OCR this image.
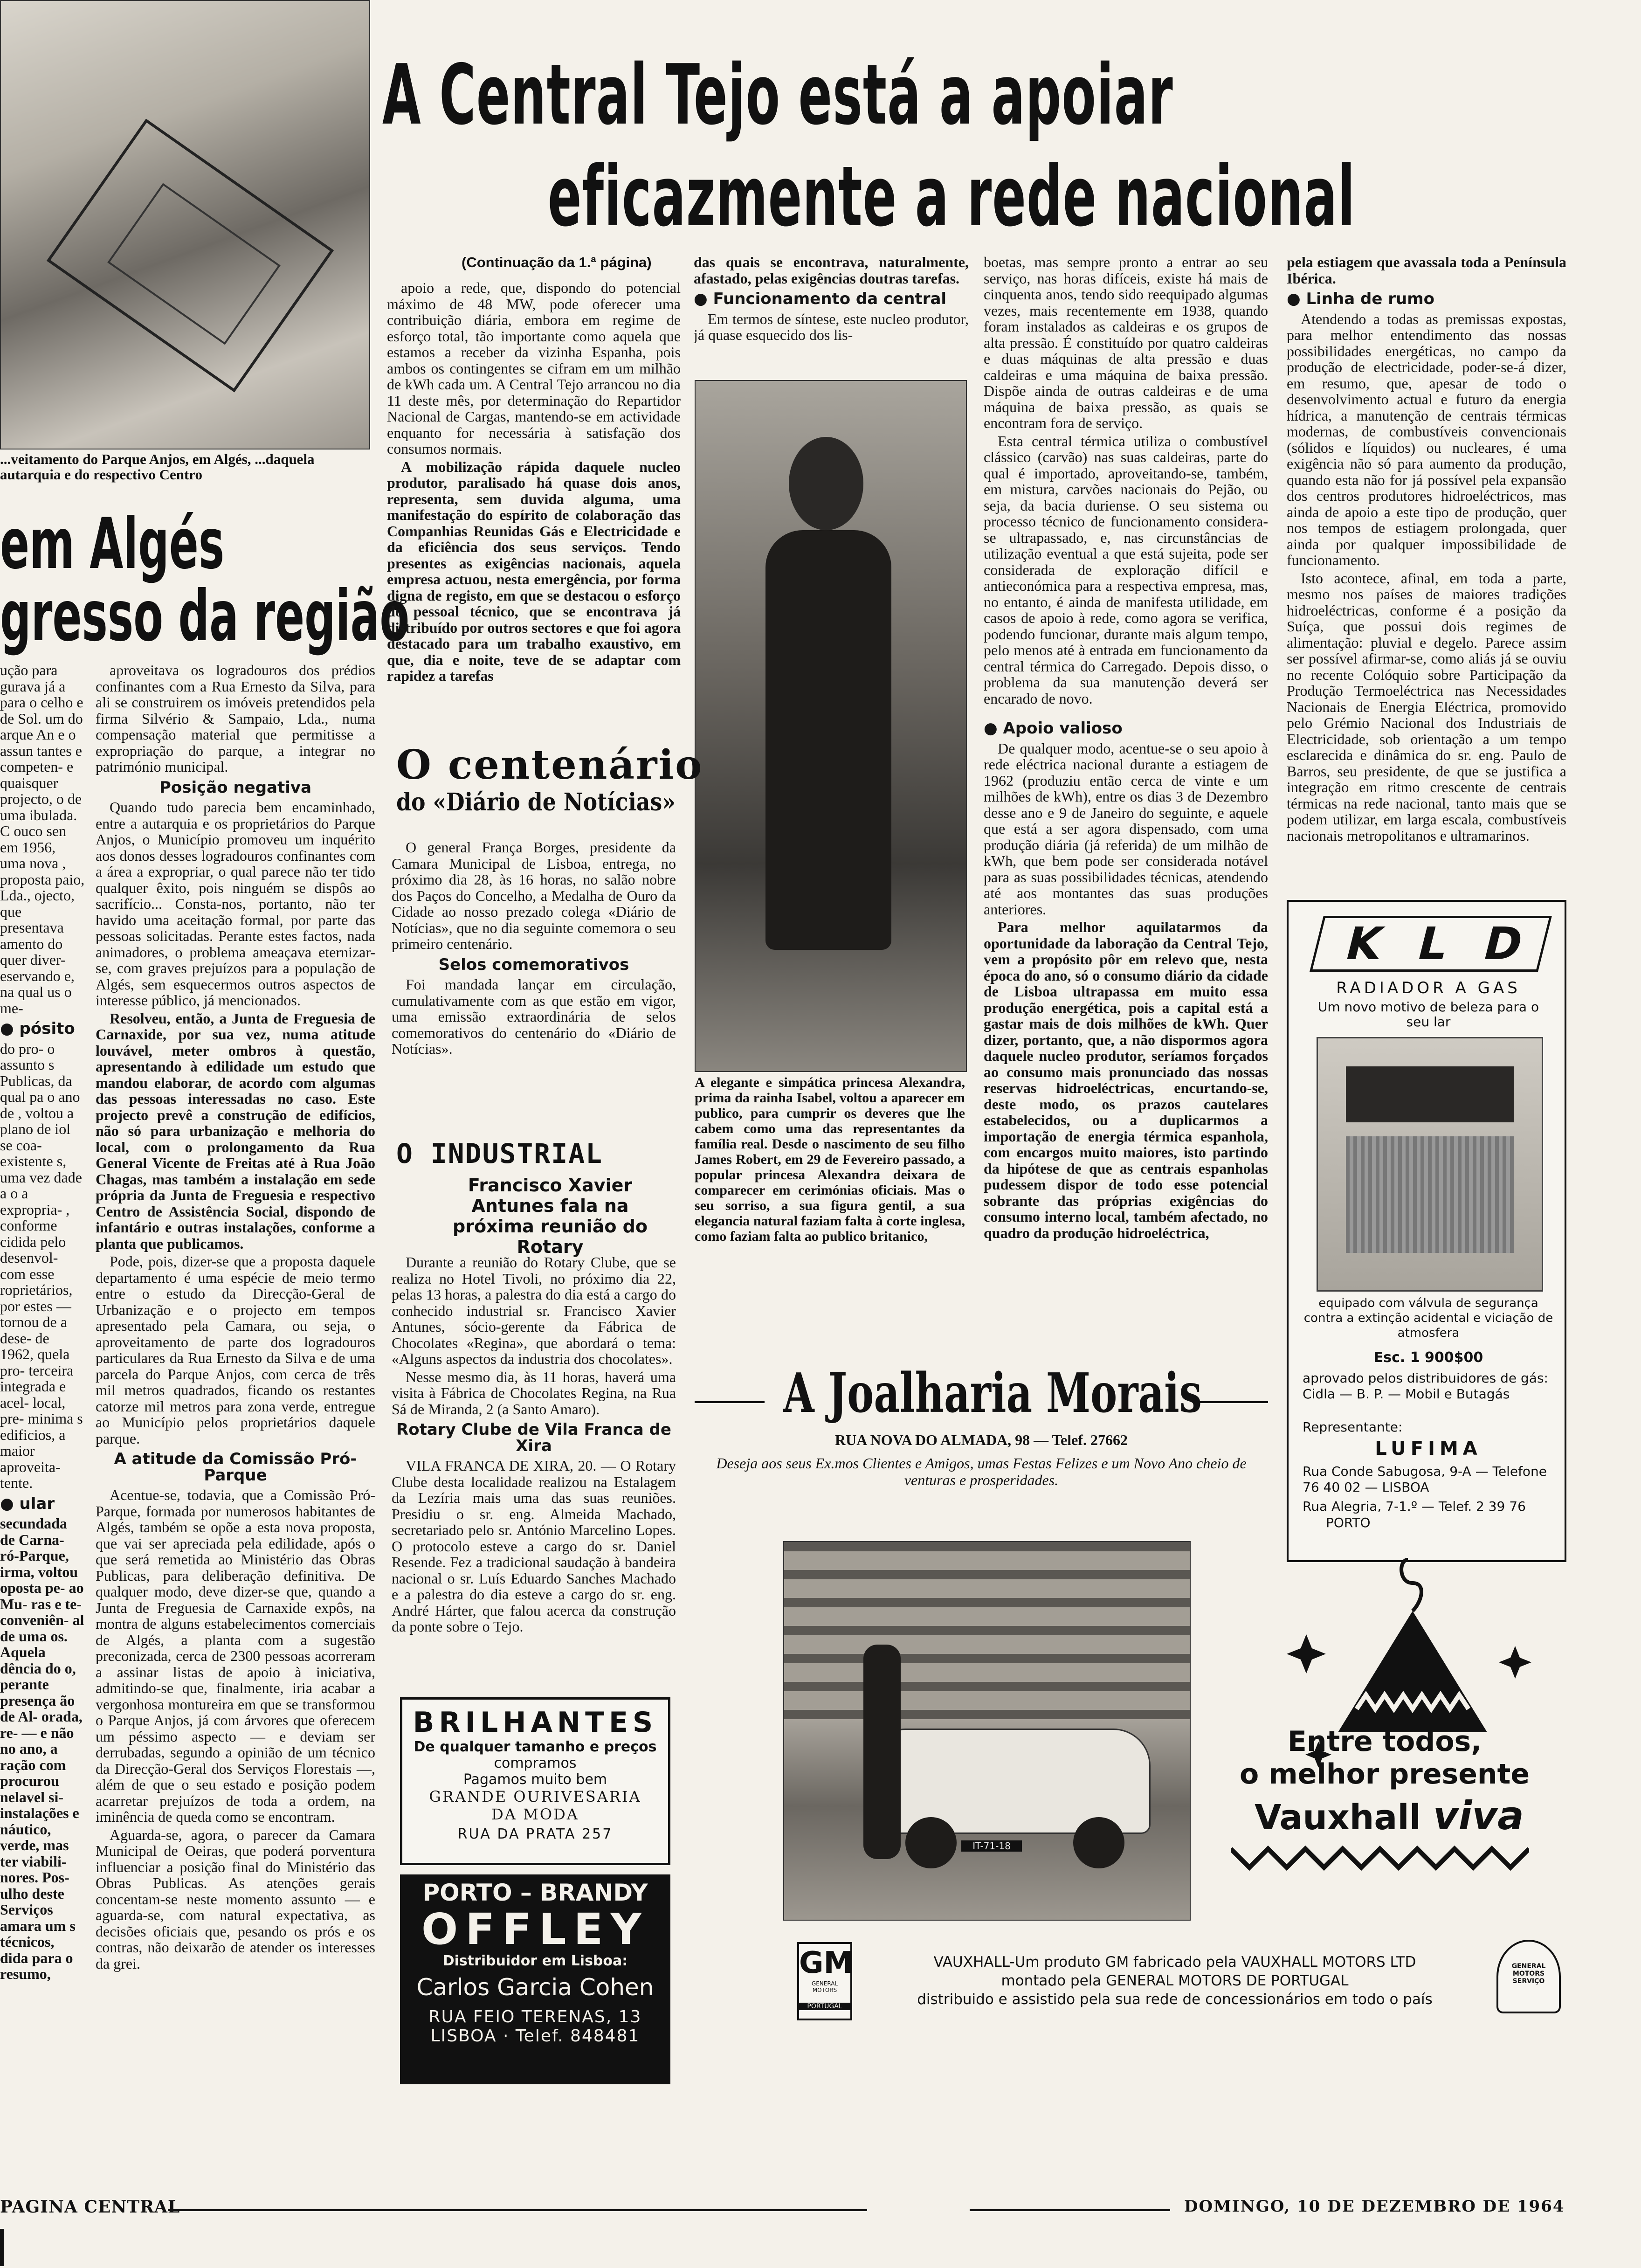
A Central Tejo está a apoiar
eficazmente a rede nacional
...veitamento do Parque Anjos, em Algés, ...daquela autarquia e do respectivo Centro
em Algés
gresso da região

ução para gurava já a para o celho e de Sol. um do arque An e o assun tantes e competen- e quaisquer projecto, o de uma ibulada. C ouco sen em 1956, uma nova , proposta paio, Lda., ojecto, que presentava amento do quer diver- eservando e, na qual us o me-

● pósito

do pro- o assunto s Publicas, da qual pa o ano de , voltou a plano de iol se coa- existente s, uma vez dade a o a expropria- , conforme cidida pelo desenvol- com esse roprietários, por estes — tornou de a dese- de 1962, quela pro- terceira integrada e acel- local, pre- minima s edificios, a maior aproveita- tente.

● ular

secundada de Carna- ró-Parque, irma, voltou oposta pe- ao Mu- ras e te- conveniên- al de uma os. Aquela dência do o, perante presença ão de Al- orada, re- — e não no ano, a ração com procurou nelavel si- instalações e náutico, verde, mas ter viabili- nores. Pos- ulho deste Serviços amara um s técnicos, dida para o resumo,

aproveitava os logradouros dos prédios confinantes com a Rua Ernesto da Silva, para ali se construirem os imóveis pretendidos pela firma Silvério & Sampaio, Lda., numa compensação material que permitisse a expropriação do parque, a integrar no património municipal.

Posição negativa

Quando tudo parecia bem encaminhado, entre a autarquia e os proprietários do Parque Anjos, o Município promoveu um inquérito aos donos desses logradouros confinantes com a área a expropriar, o qual parece não ter tido qualquer êxito, pois ninguém se dispôs ao sacrifício... Consta-nos, portanto, não ter havido uma aceitação formal, por parte das pessoas solicitadas. Perante estes factos, nada animadores, o problema ameaçava eternizar-se, com graves prejuízos para a população de Algés, sem esquecermos outros aspectos de interesse público, já mencionados.

Resolveu, então, a Junta de Freguesia de Carnaxide, por sua vez, numa atitude louvável, meter ombros à questão, apresentando à edilidade um estudo que mandou elaborar, de acordo com algumas das pessoas interessadas no caso. Este projecto prevê a construção de edifícios, não só para urbanização e melhoria do local, com o prolongamento da Rua General Vicente de Freitas até à Rua João Chagas, mas também a instalação em sede própria da Junta de Freguesia e respectivo Centro de Assistência Social, dispondo de infantário e outras instalações, conforme a planta que publicamos.

Pode, pois, dizer-se que a proposta daquele departamento é uma espécie de meio termo entre o estudo da Direcção-Geral de Urbanização e o projecto em tempos apresentado pela Camara, ou seja, o aproveitamento de parte dos logradouros particulares da Rua Ernesto da Silva e de uma parcela do Parque Anjos, com cerca de três mil metros quadrados, ficando os restantes catorze mil metros para zona verde, entregue ao Município pelos proprietários daquele parque.

A atitude da Comissão Pró-Parque

Acentue-se, todavia, que a Comissão Pró-Parque, formada por numerosos habitantes de Algés, também se opõe a esta nova proposta, que vai ser apreciada pela edilidade, após o que será remetida ao Ministério das Obras Publicas, para deliberação definitiva. De qualquer modo, deve dizer-se que, quando a Junta de Freguesia de Carnaxide expôs, na montra de alguns estabelecimentos comerciais de Algés, a planta com a sugestão preconizada, cerca de 2300 pessoas acorreram a assinar listas de apoio à iniciativa, admitindo-se que, finalmente, iria acabar a vergonhosa montureira em que se transformou o Parque Anjos, já com árvores que oferecem um péssimo aspecto — e deviam ser derrubadas, segundo a opinião de um técnico da Direcção-Geral dos Serviços Florestais —, além de que o seu estado e posição podem acarretar prejuízos de toda a ordem, na iminência de queda como se encontram.

Aguarda-se, agora, o parecer da Camara Municipal de Oeiras, que poderá porventura influenciar a posição final do Ministério das Obras Publicas. As atenções gerais concentam-se neste momento assunto — e aguarda-se, com natural expectativa, as decisões oficiais que, pesando os prós e os contras, não deixarão de atender os interesses da grei.

(Continuação da 1.ª página)

apoio a rede, que, dispondo do potencial máximo de 48 MW, pode oferecer uma contribuição diária, embora em regime de esforço total, tão importante como aquela que estamos a receber da vizinha Espanha, pois ambos os contingentes se cifram em um milhão de kWh cada um. A Central Tejo arrancou no dia 11 deste mês, por determinação do Repartidor Nacional de Cargas, mantendo-se em actividade enquanto for necessária à satisfação dos consumos normais.

A mobilização rápida daquele nucleo produtor, paralisado há quase dois anos, representa, sem duvida alguma, uma manifestação do espírito de colaboração das Companhias Reunidas Gás e Electricidade e da eficiência dos seus serviços. Tendo presentes as exigências nacionais, aquela empresa actuou, nesta emergência, por forma digna de registo, em que se destacou o esforço do pessoal técnico, que se encontrava já distribuído por outros sectores e que foi agora destacado para um trabalho exaustivo, em que, dia e noite, teve de se adaptar com rapidez a tarefas

das quais se encontrava, naturalmente, afastado, pelas exigências doutras tarefas.

● Funcionamento da central

Em termos de síntese, este nucleo produtor, já quase esquecido dos lis-

A elegante e simpática princesa Alexandra, prima da rainha Isabel, voltou a aparecer em publico, para cumprir os deveres que lhe cabem como uma das representantes da família real. Desde o nascimento de seu filho James Robert, em 29 de Fevereiro passado, a popular princesa Alexandra deixara de comparecer em cerimónias oficiais. Mas o seu sorriso, a sua figura gentil, a sua elegancia natural faziam falta à corte inglesa, como faziam falta ao publico britanico,

boetas, mas sempre pronto a entrar ao seu serviço, nas horas difíceis, existe há mais de cinquenta anos, tendo sido reequipado algumas vezes, mais recentemente em 1938, quando foram instalados as caldeiras e os grupos de alta pressão. É constituído por quatro caldeiras e duas máquinas de alta pressão e duas caldeiras e uma máquina de baixa pressão. Dispõe ainda de outras caldeiras e de uma máquina de baixa pressão, as quais se encontram fora de serviço.

Esta central térmica utiliza o combustível clássico (carvão) nas suas caldeiras, parte do qual é importado, aproveitando-se, também, em mistura, carvões nacionais do Pejão, ou seja, da bacia duriense. O seu sistema ou processo técnico de funcionamento considera-se ultrapassado, e, nas circunstâncias de utilização eventual a que está sujeita, pode ser considerada de exploração difícil e antieconómica para a respectiva empresa, mas, no entanto, é ainda de manifesta utilidade, em casos de apoio à rede, como agora se verifica, podendo funcionar, durante mais algum tempo, pelo menos até à entrada em funcionamento da central térmica do Carregado. Depois disso, o problema da sua manutenção deverá ser encarado de novo.

● Apoio valioso

De qualquer modo, acentue-se o seu apoio à rede eléctrica nacional durante a estiagem de 1962 (produziu então cerca de vinte e um milhões de kWh), entre os dias 3 de Dezembro desse ano e 9 de Janeiro do seguinte, e aquele que está a ser agora dispensado, com uma produção diária (já referida) de um milhão de kWh, que bem pode ser considerada notável para as suas possibilidades técnicas, atendendo até aos montantes das suas produções anteriores.

Para melhor aquilatarmos da oportunidade da laboração da Central Tejo, vem a propósito pôr em relevo que, nesta época do ano, só o consumo diário da cidade de Lisboa ultrapassa em muito essa produção energética, pois a capital está a gastar mais de dois milhões de kWh. Quer dizer, portanto, que, a não dispormos agora daquele nucleo produtor, seríamos forçados ao consumo mais pronunciado das nossas reservas hidroeléctricas, encurtando-se, deste modo, os prazos cautelares estabelecidos, ou a duplicarmos a importação de energia térmica espanhola, com encargos muito maiores, isto partindo da hipótese de que as centrais espanholas pudessem dispor de todo esse potencial sobrante das próprias exigências do consumo interno local, também afectado, no quadro da produção hidroeléctrica,

pela estiagem que avassala toda a Península Ibérica.

● Linha de rumo

Atendendo a todas as premissas expostas, para melhor entendimento das nossas possibilidades energéticas, no campo da produção de electricidade, poder-se-á dizer, em resumo, que, apesar de todo o desenvolvimento actual e futuro da energia hídrica, a manutenção de centrais térmicas modernas, de combustíveis convencionais (sólidos e líquidos) ou nucleares, é uma exigência não só para aumento da produção, quando esta não for já possível pela expansão dos centros produtores hidroeléctricos, mas ainda de apoio a este tipo de produção, quer nos tempos de estiagem prolongada, quer ainda por qualquer impossibilidade de funcionamento.

Isto acontece, afinal, em toda a parte, mesmo nos países de maiores tradições hidroeléctricas, conforme é a posição da Suíça, que possui dois regimes de alimentação: pluvial e degelo. Parece assim ser possível afirmar-se, como aliás já se ouviu no recente Colóquio sobre Participação da Produção Termoeléctrica nas Necessidades Nacionais de Energia Eléctrica, promovido pelo Grémio Nacional dos Industriais de Electricidade, sob orientação a um tempo esclarecida e dinâmica do sr. eng. Paulo de Barros, seu presidente, de que se justifica a integração em ritmo crescente de centrais térmicas na rede nacional, tanto mais que se podem utilizar, em larga escala, combustíveis nacionais metropolitanos e ultramarinos.

O centenário
do «Diário de Notícias»

O general França Borges, presidente da Camara Municipal de Lisboa, entrega, no próximo dia 28, às 16 horas, no salão nobre dos Paços do Concelho, a Medalha de Ouro da Cidade ao nosso prezado colega «Diário de Notícias», que no dia seguinte comemora o seu primeiro centenário.

Selos comemorativos

Foi mandada lançar em circulação, cumulativamente com as que estão em vigor, uma emissão extraordinária de selos comemorativos do centenário do «Diário de Notícias».

O INDUSTRIAL
Francisco Xavier Antunes fala na próxima reunião do Rotary

Durante a reunião do Rotary Clube, que se realiza no Hotel Tivoli, no próximo dia 22, pelas 13 horas, a palestra do dia está a cargo do conhecido industrial sr. Francisco Xavier Antunes, sócio-gerente da Fábrica de Chocolates «Regina», que abordará o tema: «Alguns aspectos da industria dos chocolates».

Nesse mesmo dia, às 11 horas, haverá uma visita à Fábrica de Chocolates Regina, na Rua Sá de Miranda, 2 (a Santo Amaro).

Rotary Clube de Vila Franca de Xira

VILA FRANCA DE XIRA, 20. — O Rotary Clube desta localidade realizou na Estalagem da Lezíria mais uma das suas reuniões. Presidiu o sr. eng. Almeida Machado, secretariado pelo sr. António Marcelino Lopes. O protocolo esteve a cargo do sr. Daniel Resende. Fez a tradicional saudação à bandeira nacional o sr. Luís Eduardo Sanches Machado e a palestra do dia esteve a cargo do sr. eng. André Hárter, que falou acerca da construção da ponte sobre o Tejo.

BRILHANTES
De qualquer tamanho e preços
compramos
Pagamos muito bem
GRANDE OURIVESARIA
DA MODA
RUA DA PRATA 257
PORTO – BRANDY
OFFLEY
Distribuidor em Lisboa:
Carlos Garcia Cohen
RUA FEIO TERENAS, 13
LISBOA · Telef. 848481
A Joalharia Morais
RUA NOVA DO ALMADA, 98 — Telef. 27662
Deseja aos seus Ex.mos Clientes e Amigos, umas Festas Felizes e um Novo Ano cheio de venturas e prosperidades.
KLD
RADIADOR A GAS
Um novo motivo de beleza para o seu lar
equipado com válvula de segurança contra a extinção acidental e viciação de atmosfera
Esc. 1 900$00
aprovado pelos distribuidores de gás: Cidla — B. P. — Mobil e Butagás
Representante:
LUFIMA
Rua Conde Sabugosa, 9-A — Telefone 76 40 02 — LISBOA
Rua Alegria, 7-1.º — Telef. 2 39 76
PORTO
IT-71-18
Entre todos,
o melhor presente
Vauxhall viva
GM
GENERAL MOTORS
PORTUGAL
VAUXHALL-Um produto GM fabricado pela VAUXHALL MOTORS LTD
montado pela GENERAL MOTORS DE PORTUGAL
distribuido e assistido pela sua rede de concessionários em todo o país
GENERAL MOTORS SERVIÇO
PAGINA CENTRAL	DOMINGO, 10 DE DEZEMBRO DE 1964
